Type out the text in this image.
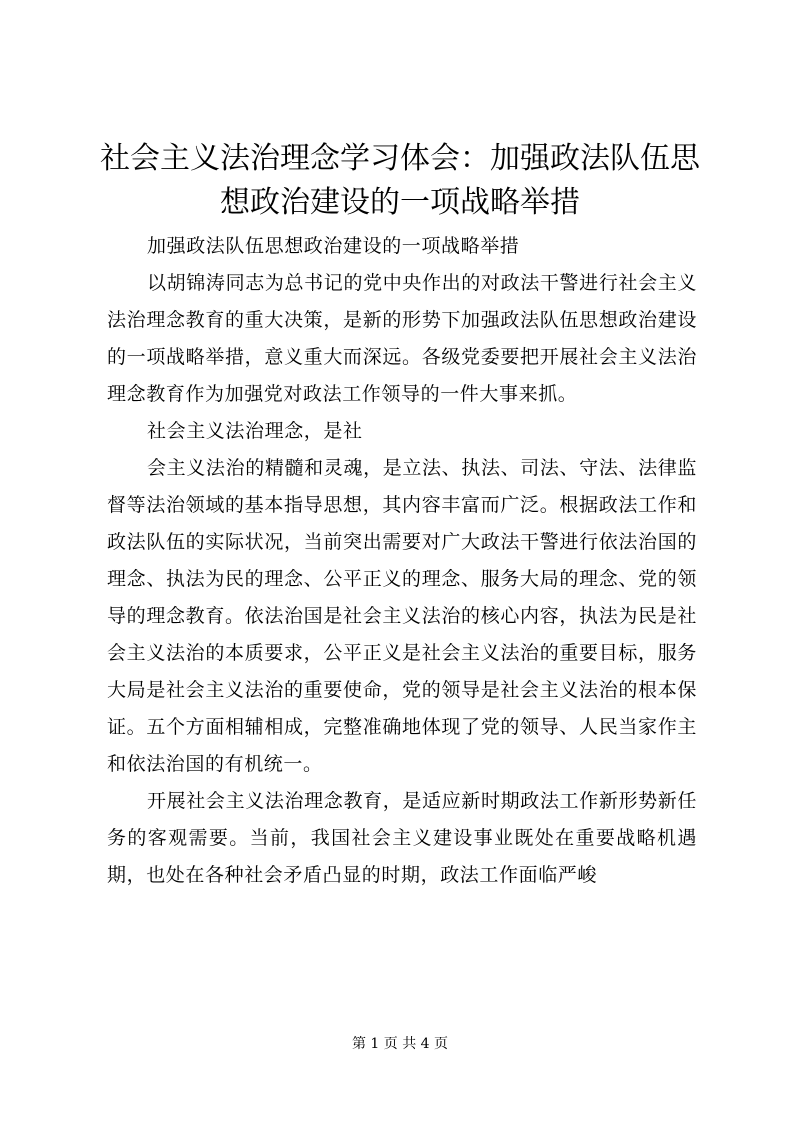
社会主义法治理念学习体会：加强政法队伍思想政治建设的一项战略举措

加强政法队伍思想政治建设的一项战略举措

以胡锦涛同志为总书记的党中央作出的对政法干警进行社会主义法治理念教育的重大决策，是新的形势下加强政法队伍思想政治建设的一项战略举措，意义重大而深远。各级党委要把开展社会主义法治理念教育作为加强党对政法工作领导的一件大事来抓。

社会主义法治理念，是社

会主义法治的精髓和灵魂，是立法、执法、司法、守法、法律监督等法治领域的基本指导思想，其内容丰富而广泛。根据政法工作和政法队伍的实际状况，当前突出需要对广大政法干警进行依法治国的理念、执法为民的理念、公平正义的理念、服务大局的理念、党的领导的理念教育。依法治国是社会主义法治的核心内容，执法为民是社会主义法治的本质要求，公平正义是社会主义法治的重要目标，服务大局是社会主义法治的重要使命，党的领导是社会主义法治的根本保证。五个方面相辅相成，完整准确地体现了党的领导、人民当家作主和依法治国的有机统一。

开展社会主义法治理念教育，是适应新时期政法工作新形势新任务的客观需要。当前，我国社会主义建设事业既处在重要战略机遇期，也处在各种社会矛盾凸显的时期，政法工作面临严峻

第 1 页 共 4 页
